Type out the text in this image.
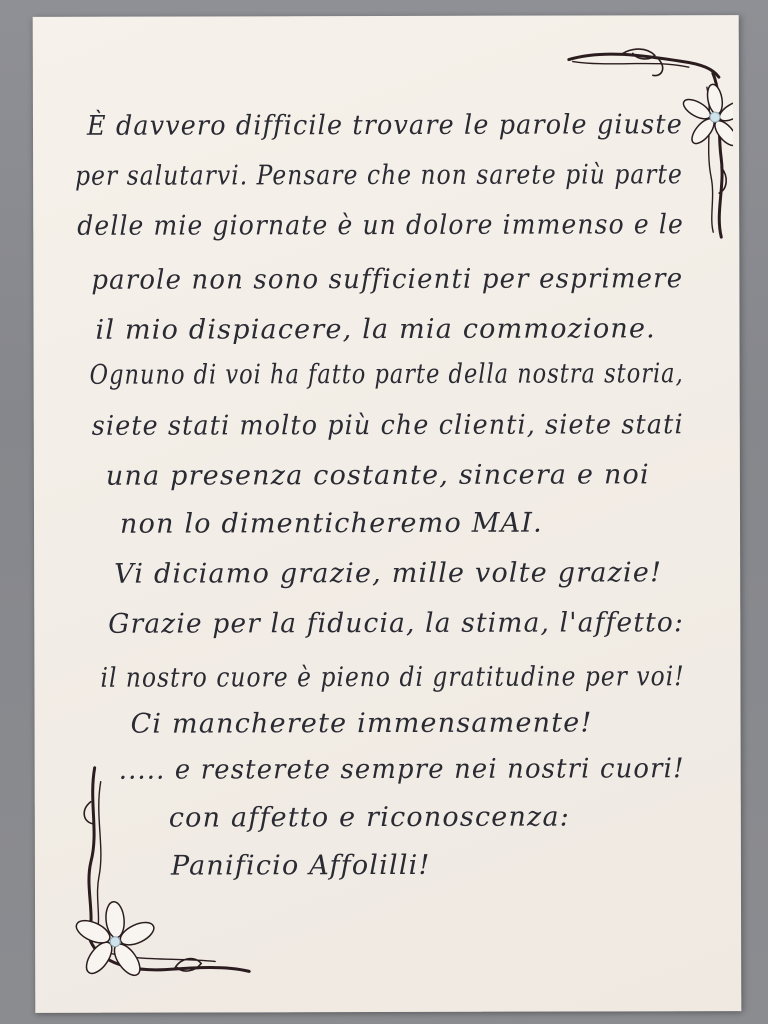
È davvero difficile trovare le parole giuste
per salutarvi. Pensare che non sarete più parte
delle mie giornate è un dolore immenso e le
parole non sono sufficienti per esprimere
il mio dispiacere, la mia commozione.
Ognuno di voi ha fatto parte della nostra storia,
siete stati molto più che clienti, siete stati
una presenza costante, sincera e noi
non lo dimenticheremo MAI.
Vi diciamo grazie, mille volte grazie!
Grazie per la fiducia, la stima, l'affetto:
il nostro cuore è pieno di gratitudine per voi!
Ci mancherete immensamente!
..... e resterete sempre nei nostri cuori!
con affetto e riconoscenza:
Panificio Affolilli!
